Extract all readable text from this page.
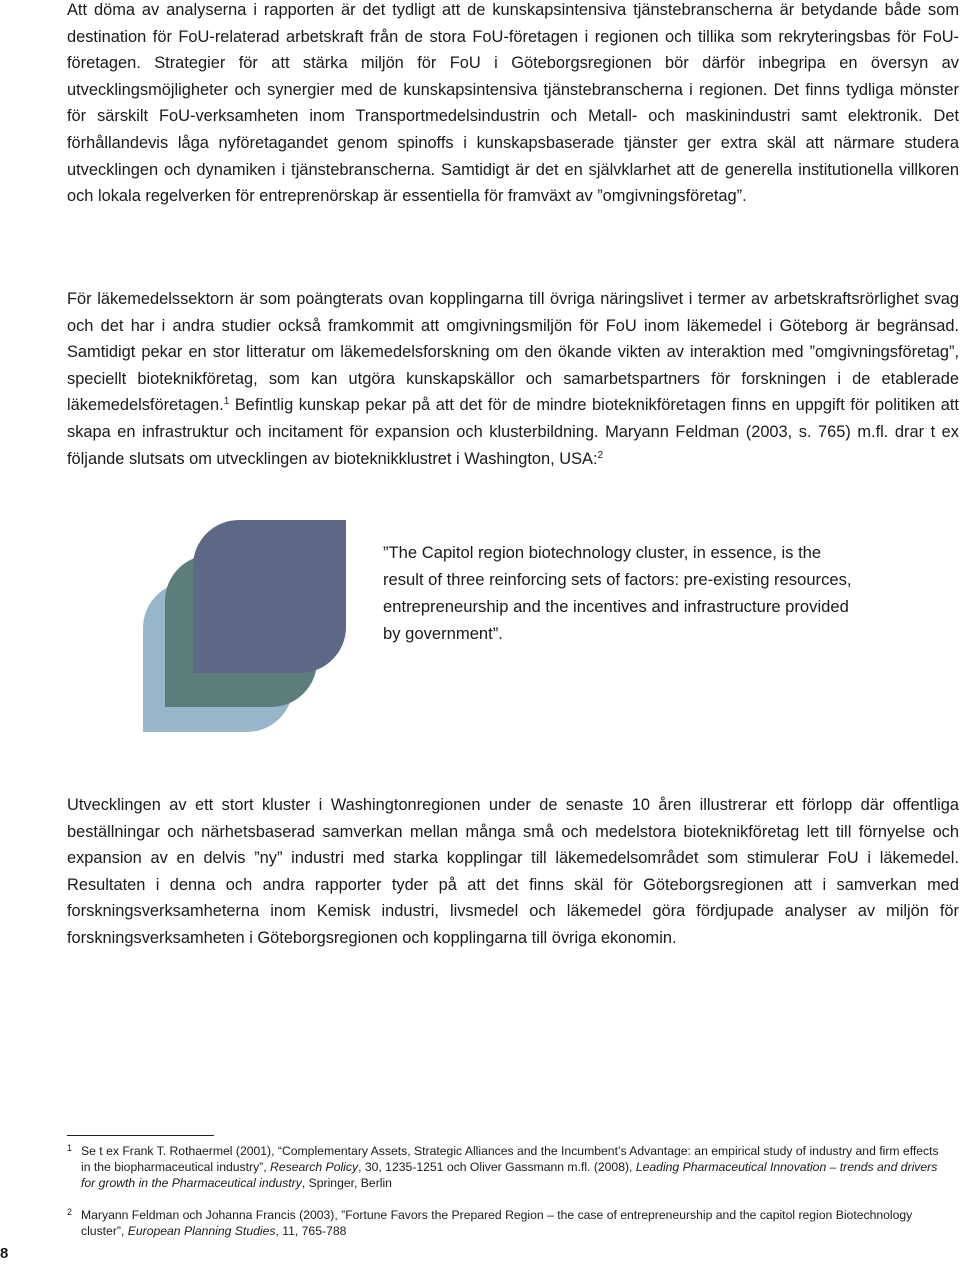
Att döma av analyserna i rapporten är det tydligt att de kunskapsintensiva tjänstebranscherna är betydande både som destination för FoU-relaterad arbetskraft från de stora FoU-företagen i regionen och tillika som rekryteringsbas för FoU-företagen. Strategier för att stärka miljön för FoU i Göteborgsregionen bör därför inbegripa en översyn av utvecklingsmöjligheter och synergier med de kunskapsintensiva tjänstebranscherna i regionen. Det finns tydliga mönster för särskilt FoU-verksamheten inom Transportmedelsindustrin och Metall- och maskinindustri samt elektronik. Det förhållandevis låga nyföretagandet genom spinoffs i kunskapsbaserade tjänster ger extra skäl att närmare studera utvecklingen och dynamiken i tjänstebranscherna. Samtidigt är det en självklarhet att de generella institutionella villkoren och lokala regelverken för entreprenörskap är essentiella för framväxt av ”omgivningsföretag”.

För läkemedelssektorn är som poängterats ovan kopplingarna till övriga näringslivet i termer av arbetskraftsrörlighet svag och det har i andra studier också framkommit att omgivningsmiljön för FoU inom läkemedel i Göteborg är begränsad. Samtidigt pekar en stor litteratur om läkemedelsforskning om den ökande vikten av interaktion med ”omgivningsföretag”, speciellt bioteknikföretag, som kan utgöra kunskapskällor och samarbetspartners för forskningen i de etablerade läkemedelsföretagen.$^1$ Befintlig kunskap pekar på att det för de mindre bioteknikföretagen finns en uppgift för politiken att skapa en infrastruktur och incitament för expansion och klusterbildning. Maryann Feldman (2003, s. 765) m.fl. drar t ex följande slutsats om utvecklingen av bioteknikklustret i Washington, USA:$^2$

”The Capitol region biotechnology cluster, in essence, is the result of three reinforcing sets of factors: pre-existing resources, entrepreneurship and the incentives and infrastructure provided by government”.

Utvecklingen av ett stort kluster i Washingtonregionen under de senaste 10 åren illustrerar ett förlopp där offentliga beställningar och närhetsbaserad samverkan mellan många små och medelstora bioteknikföretag lett till förnyelse och expansion av en delvis ”ny” industri med starka kopplingar till läkemedelsområdet som stimulerar FoU i läkemedel. Resultaten i denna och andra rapporter tyder på att det finns skäl för Göteborgsregionen att i samverkan med forskningsverksamheterna inom Kemisk industri, livsmedel och läkemedel göra fördjupade analyser av miljön för forskningsverksamheten i Göteborgsregionen och kopplingarna till övriga ekonomin.

1 Se t ex Frank T. Rothaermel (2001), “Complementary Assets, Strategic Alliances and the Incumbent’s Advantage: an empirical study of industry and firm effects in the biopharmaceutical industry”, Research Policy, 30, 1235-1251 och Oliver Gassmann m.fl. (2008), Leading Pharmaceutical Innovation – trends and drivers for growth in the Pharmaceutical industry, Springer, Berlin
2 Maryann Feldman och Johanna Francis (2003), ”Fortune Favors the Prepared Region – the case of entrepreneurship and the capitol region Biotechnology cluster”, European Planning Studies, 11, 765-788
8
